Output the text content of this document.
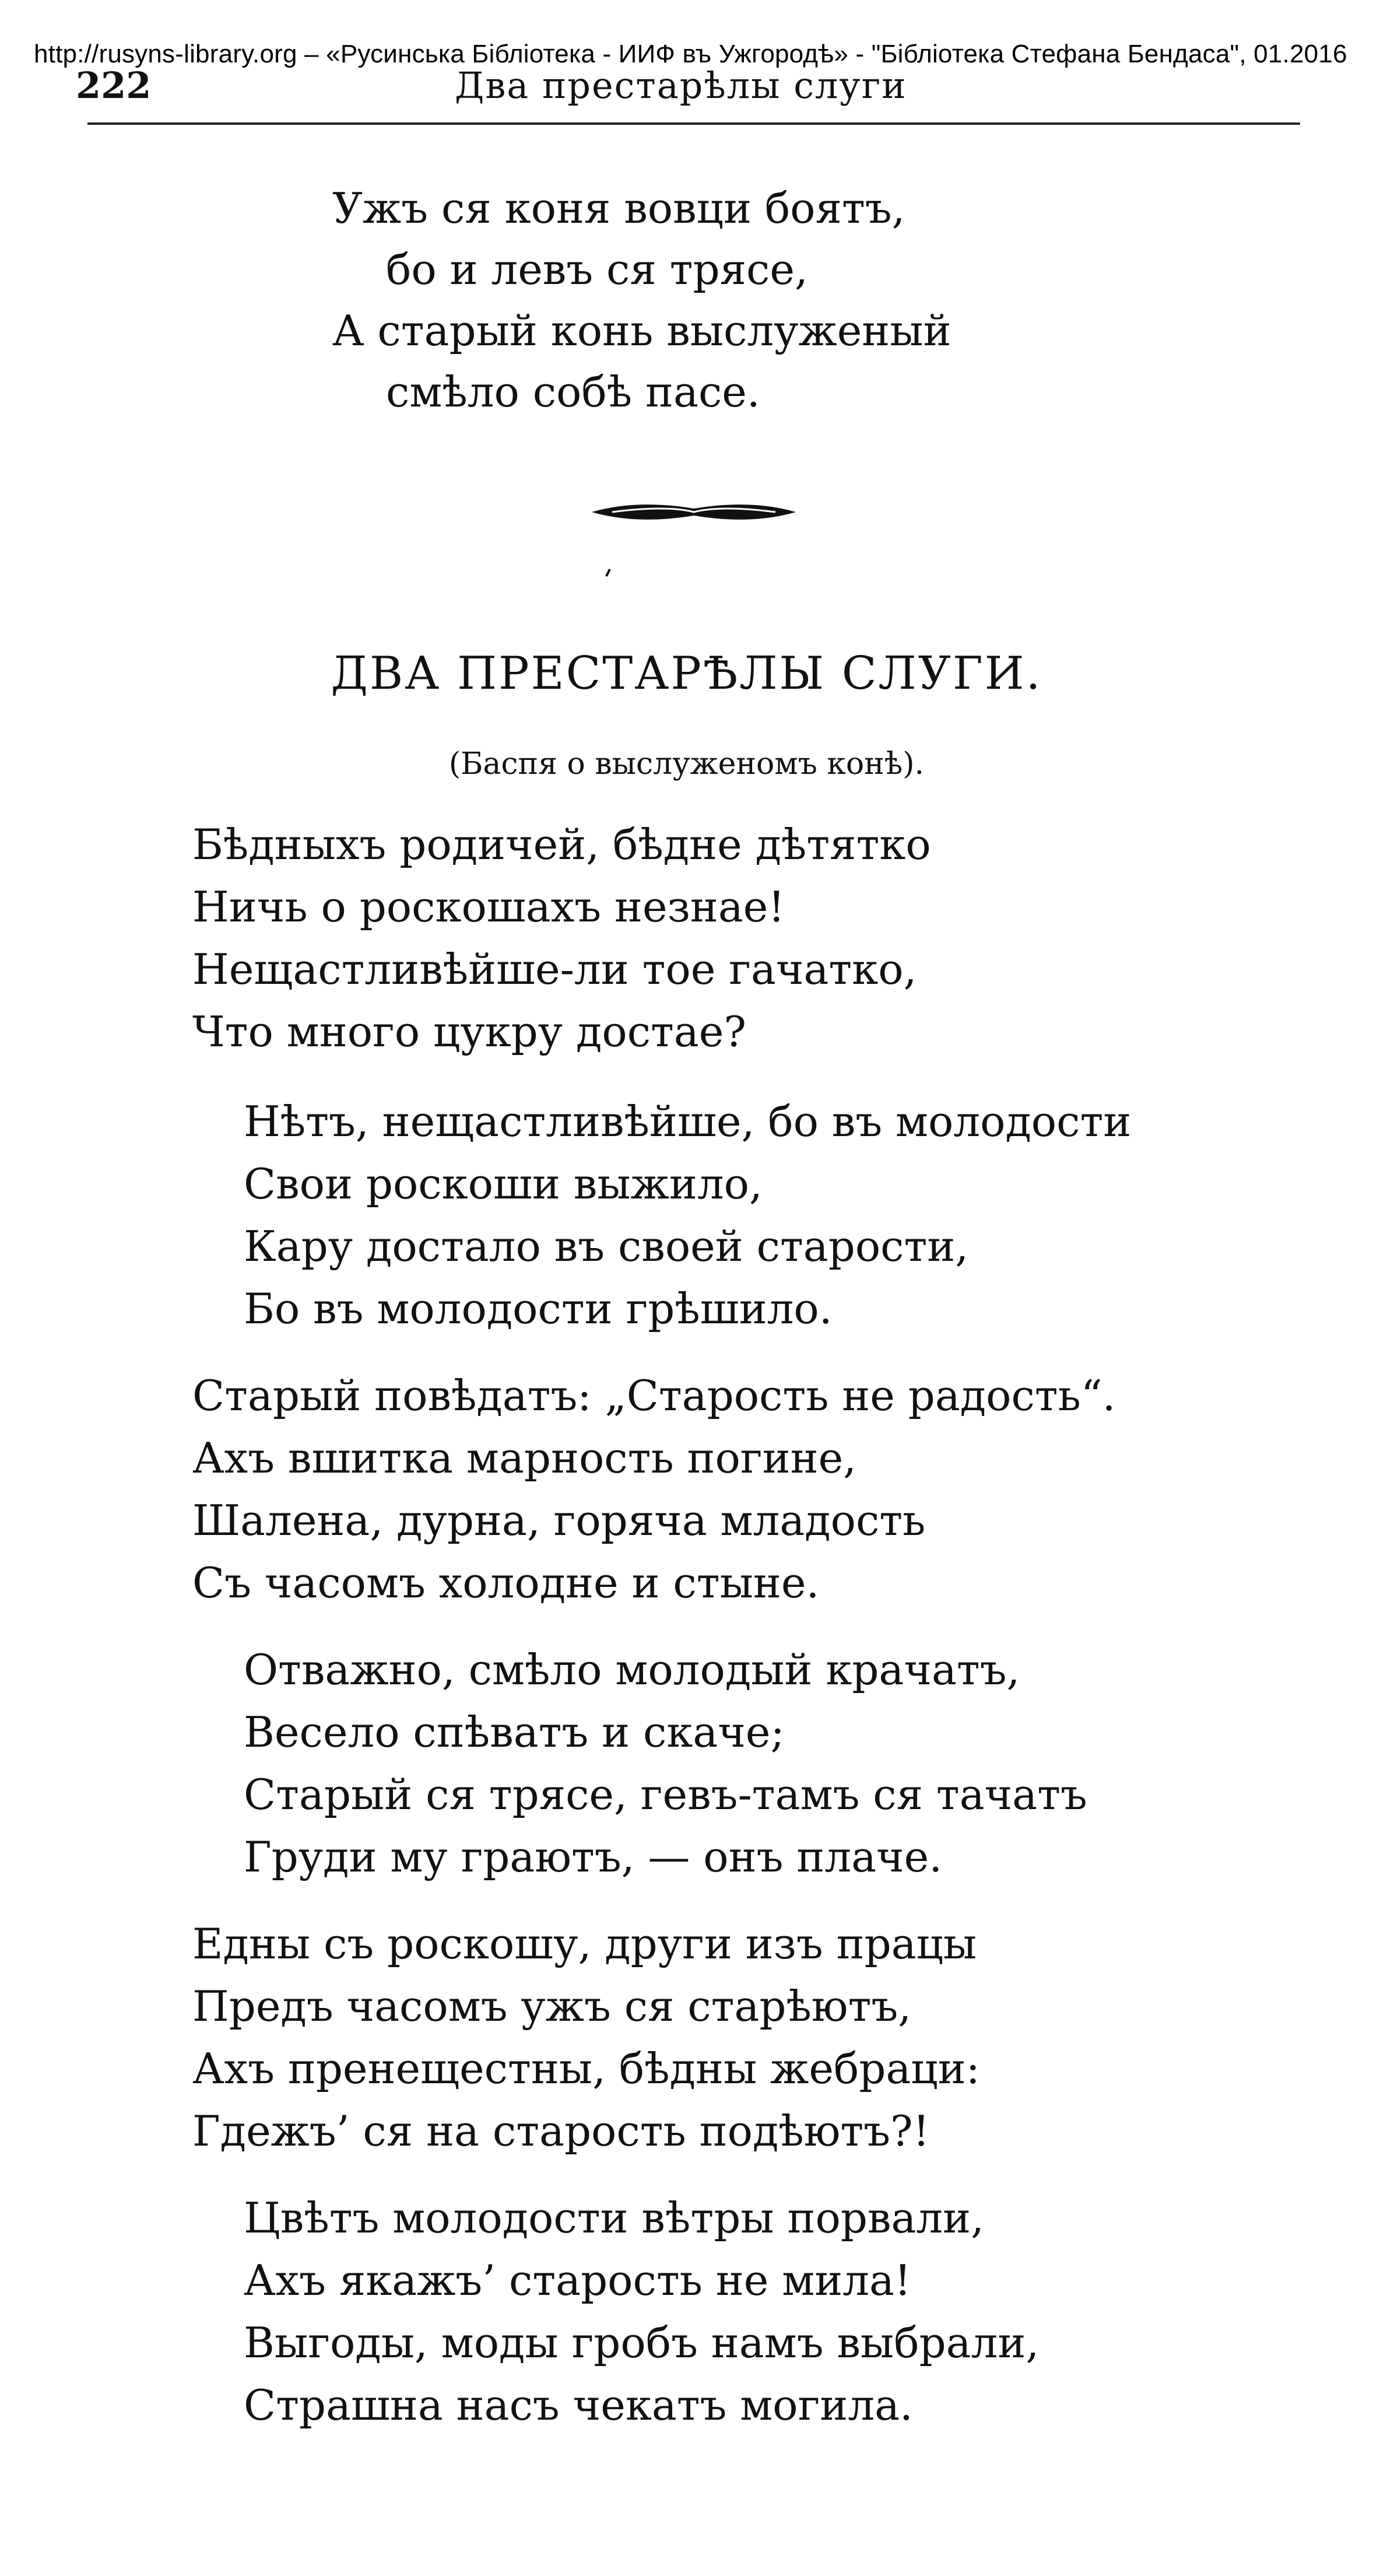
http://rusyns-library.org – «Русинська Бібліотека - ИИФ въ Ужгородѣ» - "Бібліотека Стефана Бендаса", 01.2016
222	Два престарѣлы слуги
Ужъ ся коня вовци боятъ,
бо и левъ ся трясе,
А старый конь выслуженый
смѣло собѣ пасе.
ДВА ПРЕСТАРѢЛЫ СЛУГИ.
(Баспя о выслуженомъ конѣ).
Бѣдныхъ родичей, бѣдне дѣтятко
Ничь о роскошахъ незнае!
Нещастливѣйше-ли тое гачатко,
Что много цукру достае?
Нѣтъ, нещастливѣйше, бо въ молодости
Свои роскоши выжило,
Кару достало въ своей старости,
Бо въ молодости грѣшило.
Старый повѣдатъ: „Старость не радость“.
Ахъ вшитка марность погине,
Шалена, дурна, горяча младость
Съ часомъ холодне и стыне.
Отважно, смѣло молодый крачатъ,
Весело спѣватъ и скаче;
Старый ся трясе, гевъ-тамъ ся тачатъ
Груди му граютъ, — онъ плаче.
Едны съ роскошу, други изъ працы
Предъ часомъ ужъ ся старѣютъ,
Ахъ пренещестны, бѣдны жебраци:
Гдежъ’ ся на старость подѣютъ?!
Цвѣтъ молодости вѣтры порвали,
Ахъ якажъ’ старость не мила!
Выгоды, моды гробъ намъ выбрали,
Страшна насъ чекатъ могила.
